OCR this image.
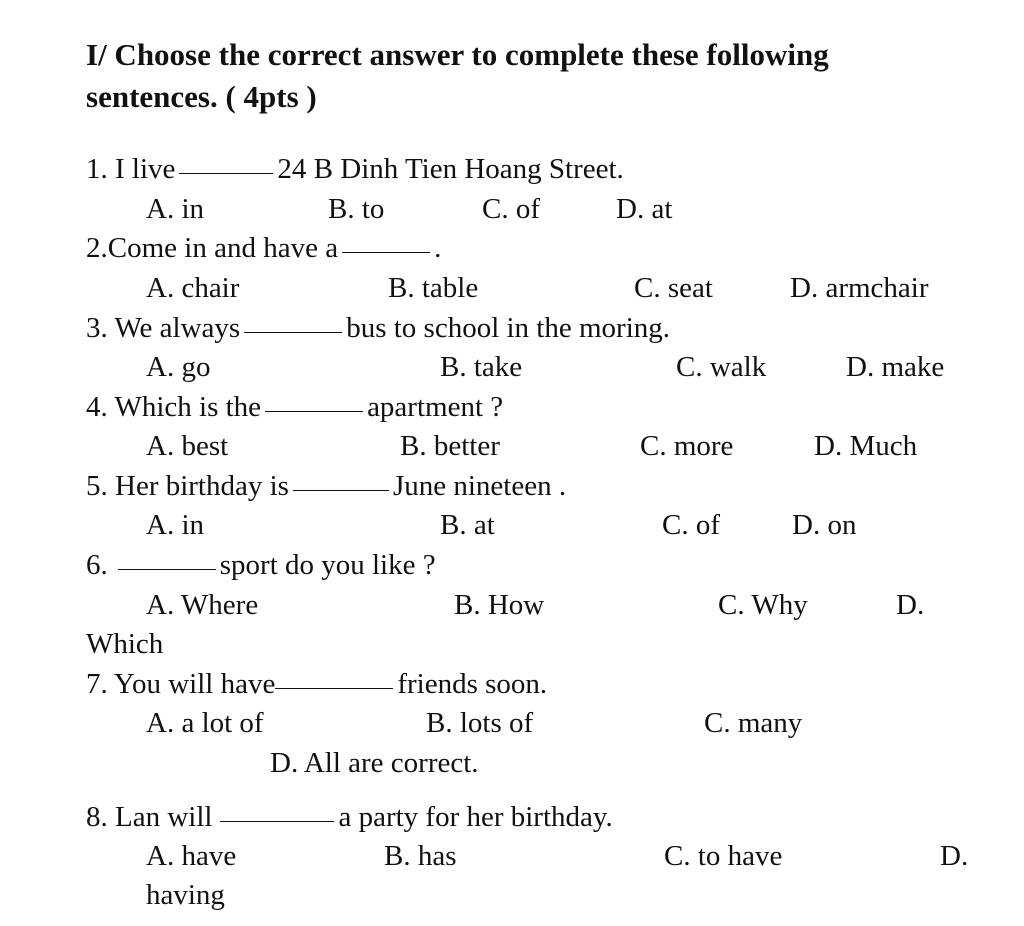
I/ Choose the correct answer to complete these following sentences. ( 4pts )
1. I live	24 B Dinh Tien Hoang Street.
A. in	B. to	C. of	D. at
2.Come in and have a	.
A. chair	B. table	C. seat	D. armchair
3. We always	bus to school in the moring.
A. go	B. take	C. walk	D. make
4. Which is the	apartment ?
A. best	B. better	C. more	D. Much
5. Her birthday is	June nineteen .
A. in	B. at	C. of D. on
6.	sport do you like ?
A. Where	B. How	C. Why	D.
Which
7. You will have	friends soon.
A. a lot of	B. lots of	C. many
D. All are correct.
8. Lan will	a party for her birthday.
A. have	B. has	C. to have	D.
having
